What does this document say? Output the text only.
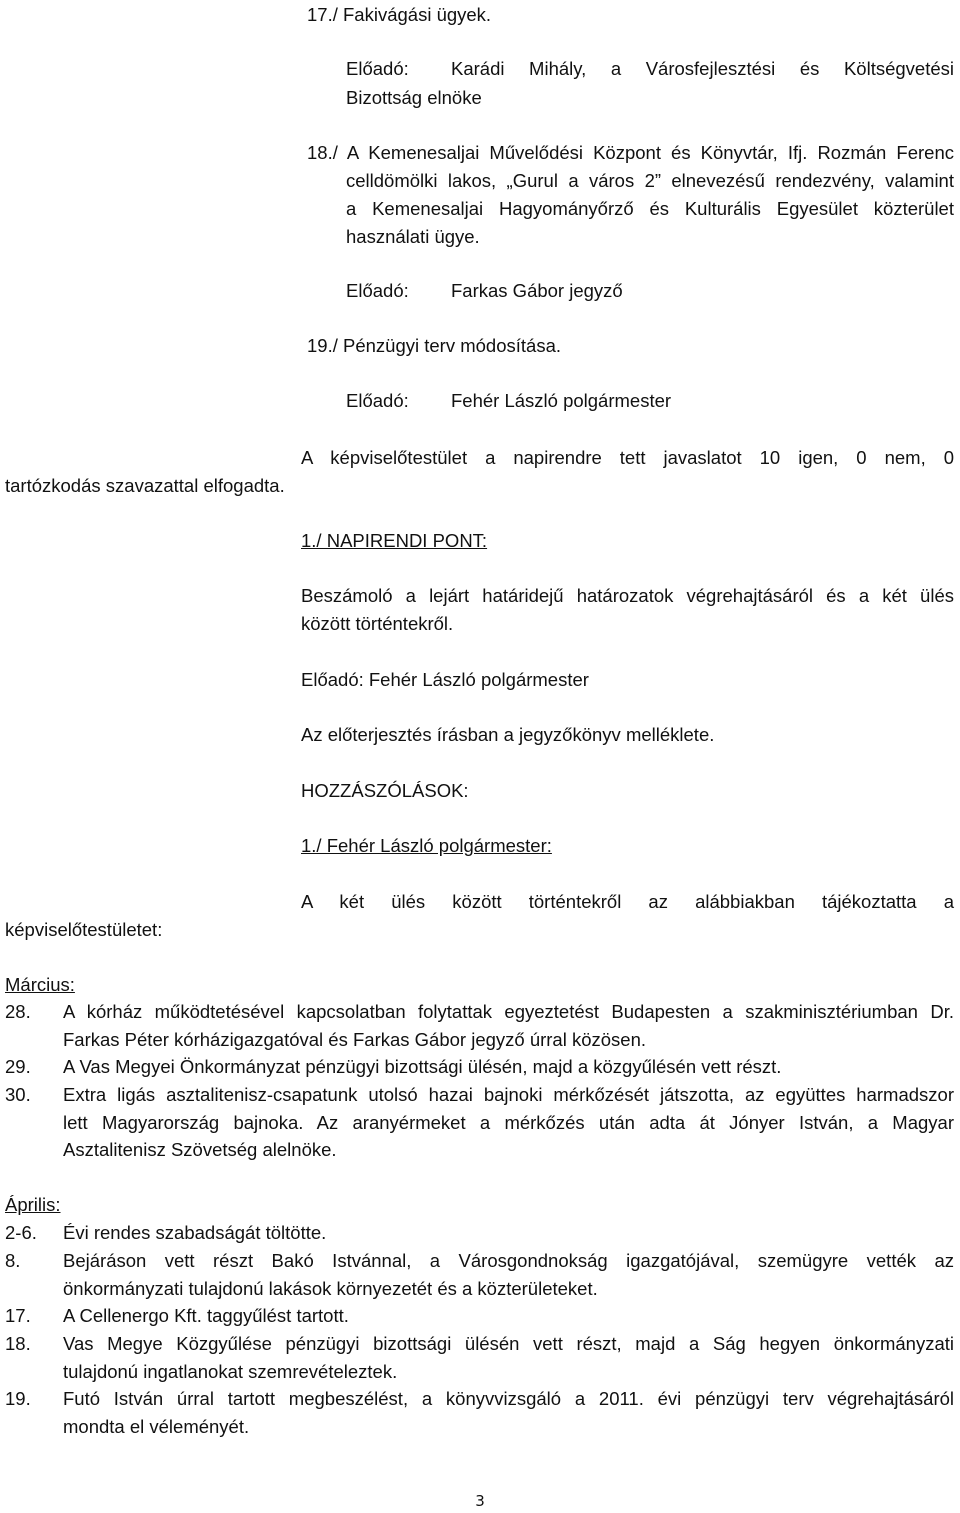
17./ Fakivágási ügyek.
Előadó: Karádi Mihály, a Városfejlesztési és Költségvetési
Bizottság elnöke
18./ A Kemenesaljai Művelődési Központ és Könyvtár, Ifj. Rozmán Ferenc
celldömölki lakos, „Gurul a város 2” elnevezésű rendezvény, valamint
a Kemenesaljai Hagyományőrző és Kulturális Egyesület közterület
használati ügye.
Előadó: Farkas Gábor jegyző
19./ Pénzügyi terv módosítása.
Előadó: Fehér László polgármester
A képviselőtestület a napirendre tett javaslatot 10 igen, 0 nem, 0
tartózkodás szavazattal elfogadta.
1./ NAPIRENDI PONT:
Beszámoló a lejárt határidejű határozatok végrehajtásáról és a két ülés
között történtekről.
Előadó: Fehér László polgármester
Az előterjesztés írásban a jegyzőkönyv melléklete.
HOZZÁSZÓLÁSOK:
1./ Fehér László polgármester:
A két ülés között történtekről az alábbiakban tájékoztatta a
képviselőtestületet:
Március:
28. A kórház működtetésével kapcsolatban folytattak egyeztetést Budapesten a szakminisztériumban Dr.
Farkas Péter kórházigazgatóval és Farkas Gábor jegyző úrral közösen.
29. A Vas Megyei Önkormányzat pénzügyi bizottsági ülésén, majd a közgyűlésén vett részt.
30. Extra ligás asztalitenisz-csapatunk utolsó hazai bajnoki mérkőzését játszotta, az együttes harmadszor
lett Magyarország bajnoka. Az aranyérmeket a mérkőzés után adta át Jónyer István, a Magyar
Asztalitenisz Szövetség alelnöke.
Április:
2-6. Évi rendes szabadságát töltötte.
8. Bejáráson vett részt Bakó Istvánnal, a Városgondnokság igazgatójával, szemügyre vették az
önkormányzati tulajdonú lakások környezetét és a közterületeket.
17. A Cellenergo Kft. taggyűlést tartott.
18. Vas Megye Közgyűlése pénzügyi bizottsági ülésén vett részt, majd a Ság hegyen önkormányzati
tulajdonú ingatlanokat szemrevételeztek.
19. Futó István úrral tartott megbeszélést, a könyvvizsgáló a 2011. évi pénzügyi terv végrehajtásáról
mondta el véleményét.
3
